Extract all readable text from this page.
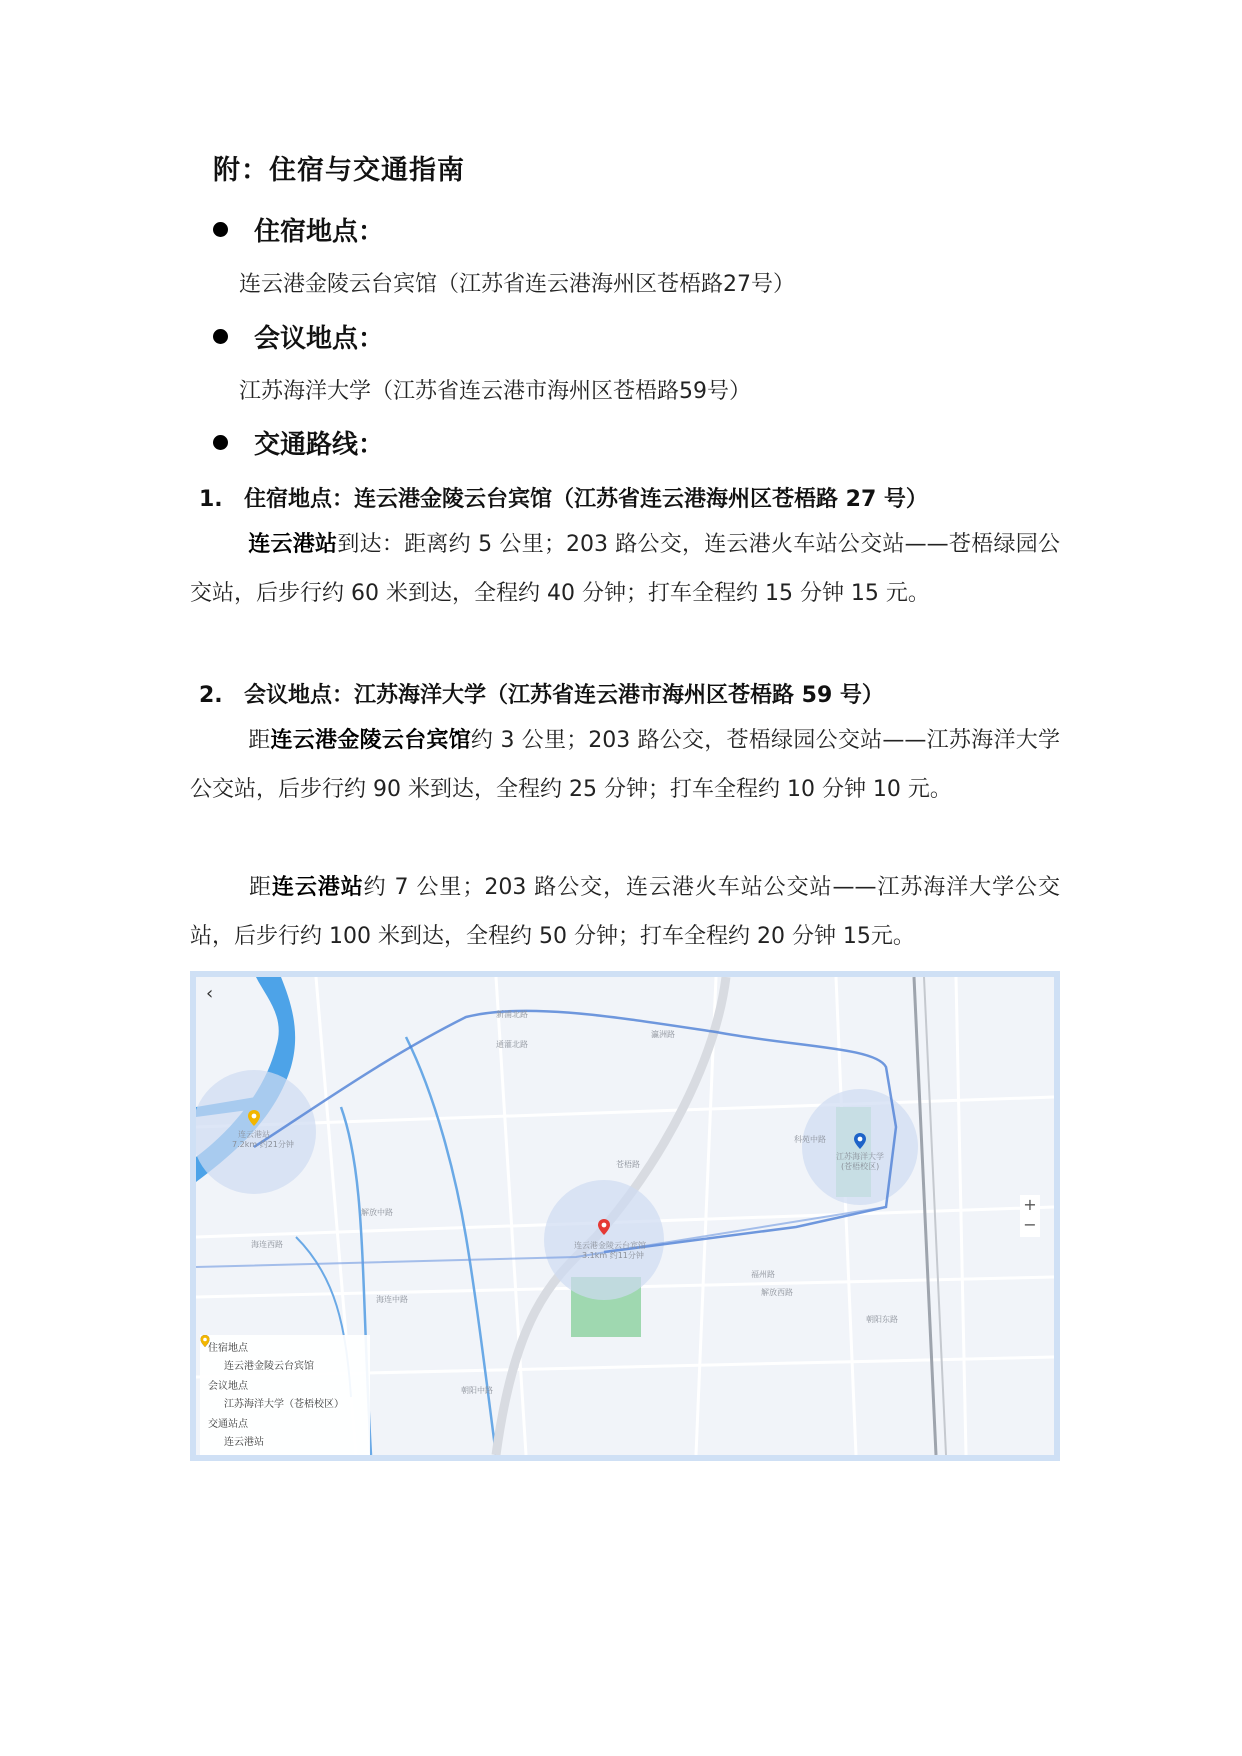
附：住宿与交通指南
住宿地点：
连云港金陵云台宾馆（江苏省连云港海州区苍梧路27号）
会议地点：
江苏海洋大学（江苏省连云港市海州区苍梧路59号）
交通路线：
1. 住宿地点：连云港金陵云台宾馆（江苏省连云港海州区苍梧路 27 号）
连云港站到达：距离约 5 公里；203 路公交，连云港火车站公交站——苍梧绿园公交站，后步行约 60 米到达，全程约 40 分钟；打车全程约 15 分钟 15 元。
2. 会议地点：江苏海洋大学（江苏省连云港市海州区苍梧路 59 号）
距连云港金陵云台宾馆约 3 公里；203 路公交，苍梧绿园公交站——江苏海洋大学公交站，后步行约 90 米到达，全程约 25 分钟；打车全程约 10 分钟 10 元。
距连云港站约 7 公里；203 路公交，连云港火车站公交站——江苏海洋大学公交站，后步行约 100 米到达，全程约 50 分钟；打车全程约 20 分钟 15元。
连云港站
7.2km 约21分钟
连云港金陵云台宾馆
3.1km 约11分钟
江苏海洋大学
(苍梧校区)
海连中路
解放中路
朝阳中路
海连西路
解放西路
朝阳东路
科苑中路
通灌北路
苍梧路
新浦北路
瀛洲路
福州路
‹
+
−
住宿地点
连云港金陵云台宾馆
会议地点
江苏海洋大学（苍梧校区）
交通站点
连云港站
